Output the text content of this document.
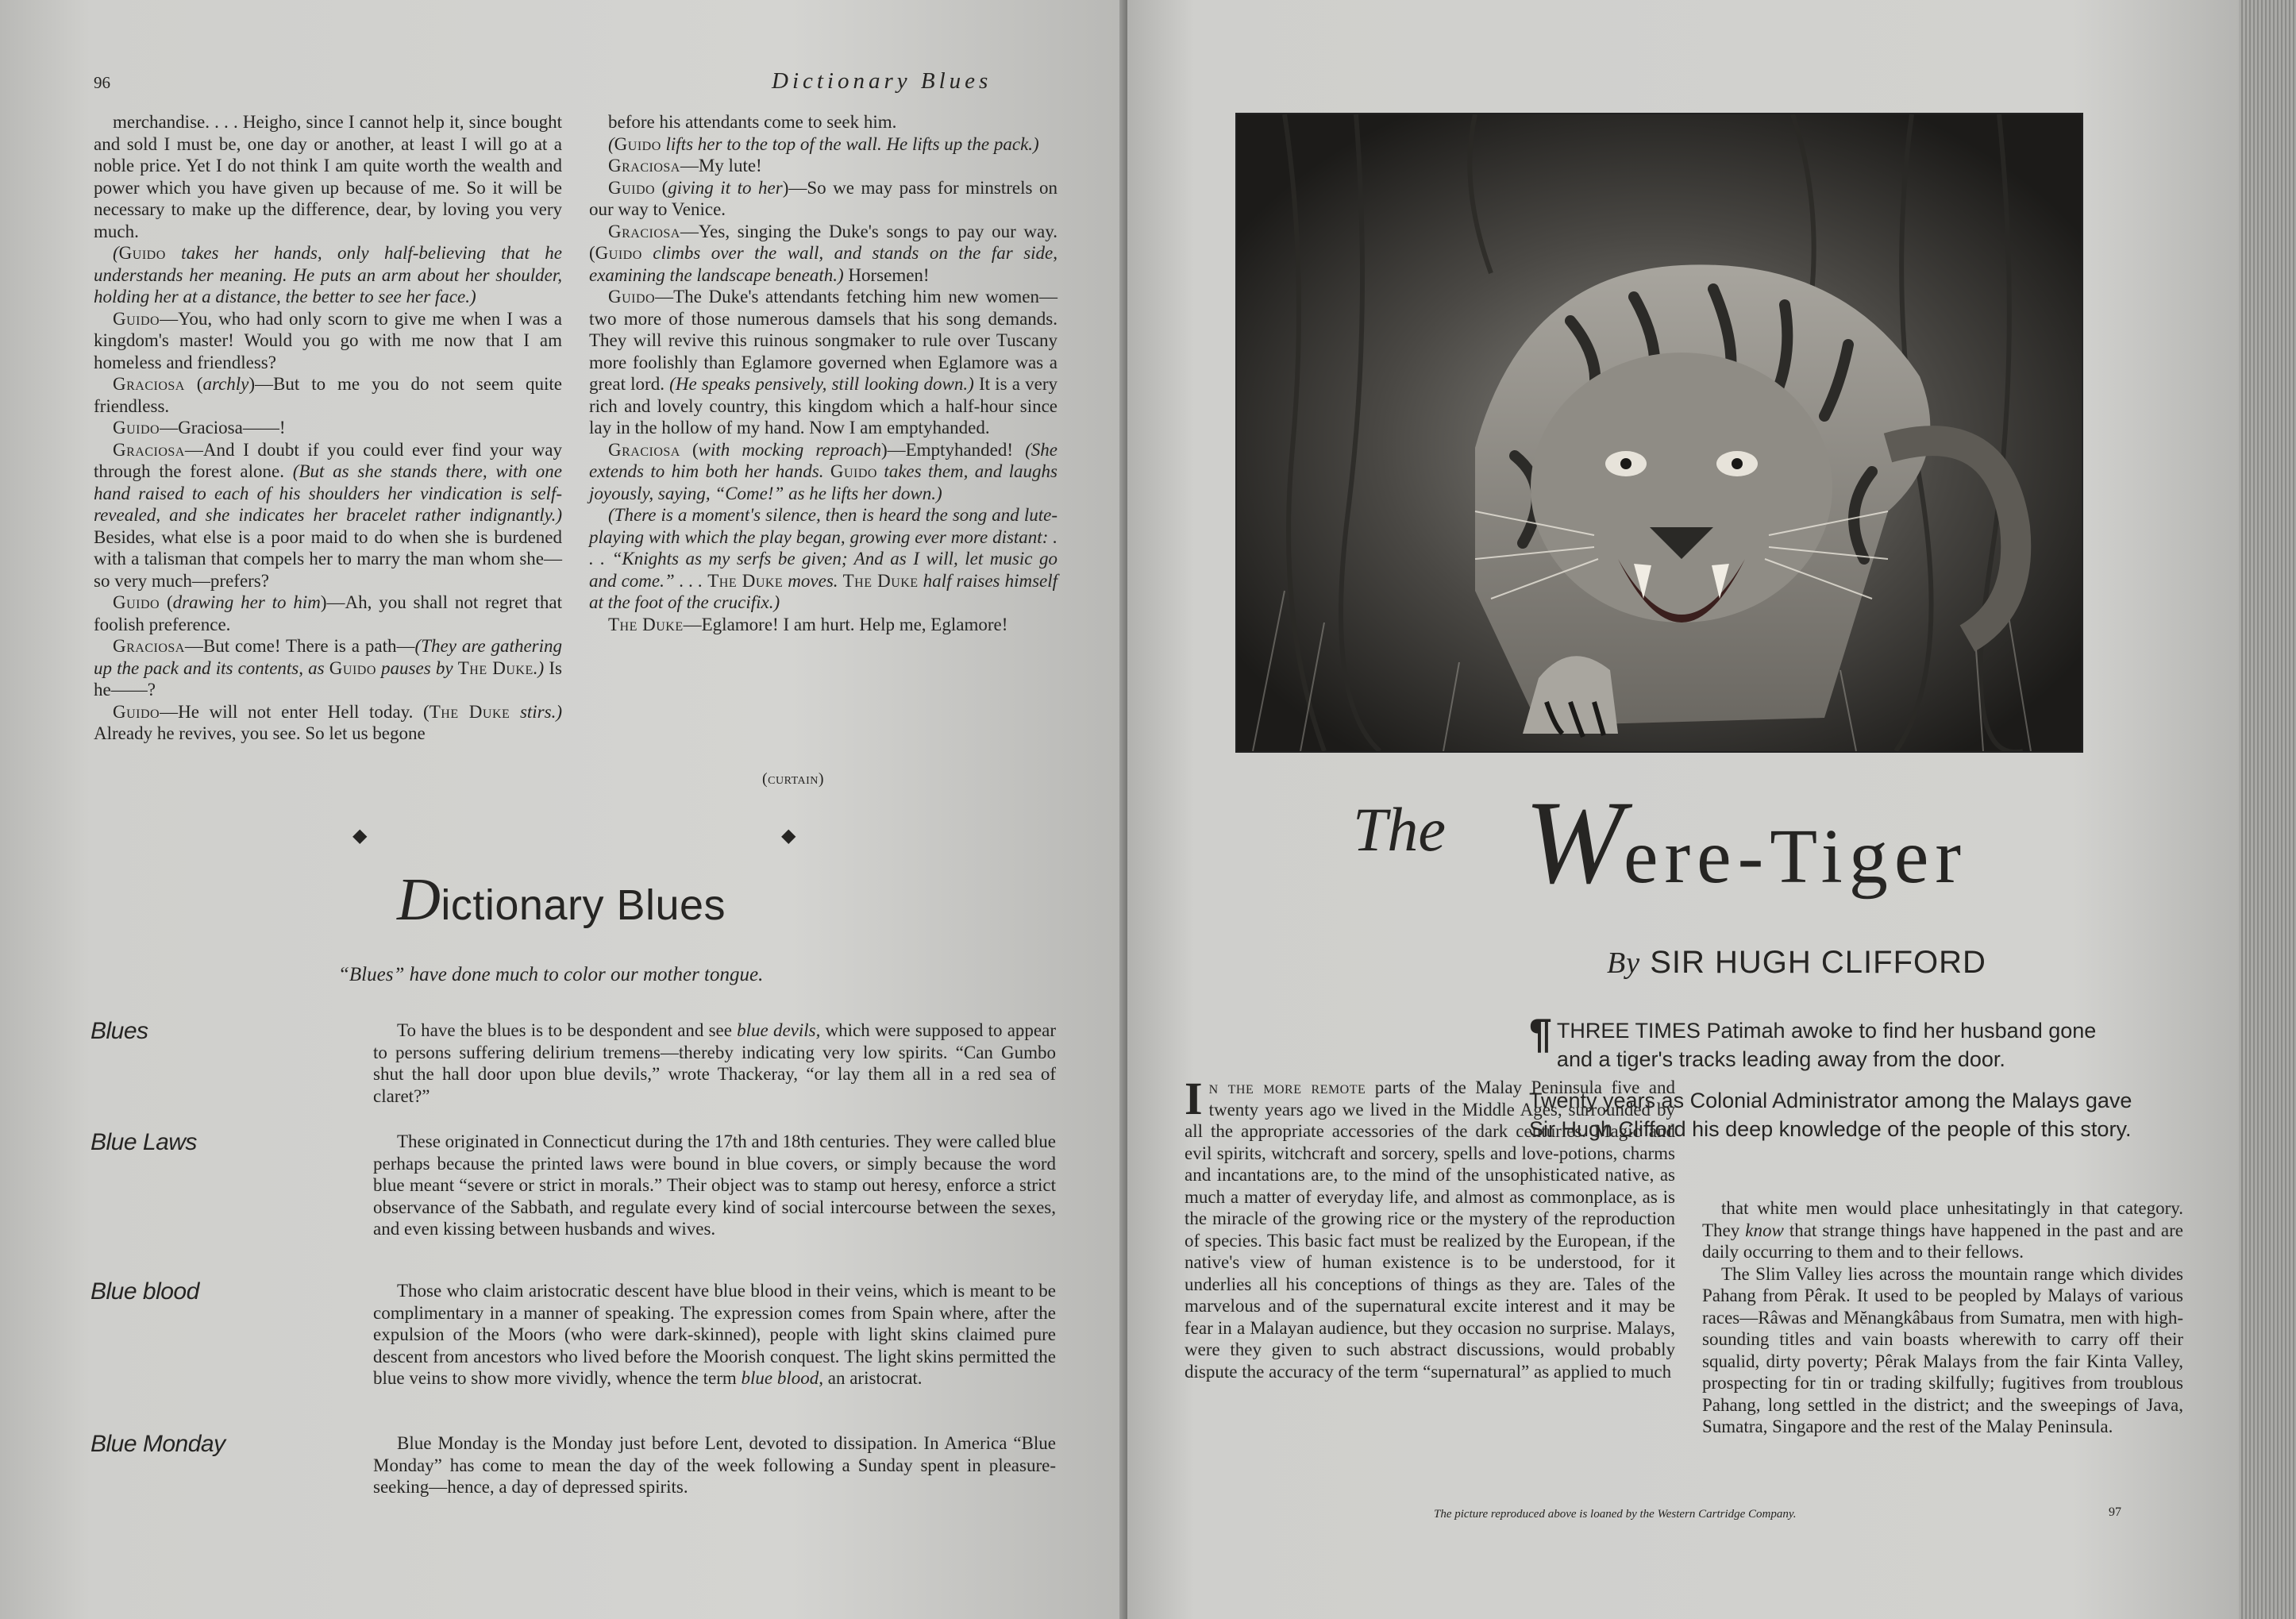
96	Dictionary Blues

merchandise. . . . Heigho, since I cannot help it, since bought and sold I must be, one day or another, at least I will go at a noble price. Yet I do not think I am quite worth the wealth and power which you have given up because of me. So it will be necessary to make up the difference, dear, by loving you very much.

(Guido takes her hands, only half-believing that he understands her meaning. He puts an arm about her shoulder, holding her at a distance, the better to see her face.)

Guido—You, who had only scorn to give me when I was a kingdom's master! Would you go with me now that I am homeless and friendless?

Graciosa (archly)—But to me you do not seem quite friendless.

Guido—Graciosa——!

Graciosa—And I doubt if you could ever find your way through the forest alone. (But as she stands there, with one hand raised to each of his shoulders her vindication is self-revealed, and she indicates her bracelet rather indignantly.) Besides, what else is a poor maid to do when she is burdened with a talisman that compels her to marry the man whom she—so very much—prefers?

Guido (drawing her to him)—Ah, you shall not regret that foolish preference.

Graciosa—But come! There is a path—(They are gathering up the pack and its contents, as Guido pauses by The Duke.) Is he——?

Guido—He will not enter Hell today. (The Duke stirs.) Already he revives, you see. So let us begone

before his attendants come to seek him.

(Guido lifts her to the top of the wall. He lifts up the pack.)

Graciosa—My lute!

Guido (giving it to her)—So we may pass for minstrels on our way to Venice.

Graciosa—Yes, singing the Duke's songs to pay our way. (Guido climbs over the wall, and stands on the far side, examining the landscape beneath.) Horsemen!

Guido—The Duke's attendants fetching him new women—two more of those numerous damsels that his song demands. They will revive this ruinous songmaker to rule over Tuscany more foolishly than Eglamore governed when Eglamore was a great lord. (He speaks pensively, still looking down.) It is a very rich and lovely country, this kingdom which a half-hour since lay in the hollow of my hand. Now I am emptyhanded.

Graciosa (with mocking reproach)—Emptyhanded! (She extends to him both her hands. Guido takes them, and laughs joyously, saying, “Come!” as he lifts her down.)

(There is a moment's silence, then is heard the song and lute-playing with which the play began, growing ever more distant: . . . “Knights as my serfs be given; And as I will, let music go and come.” . . . The Duke moves. The Duke half raises himself at the foot of the crucifix.)

The Duke—Eglamore! I am hurt. Help me, Eglamore!

(curtain)
◆	◆
Dictionary Blues
“Blues” have done much to color our mother tongue.
Blues	To have the blues is to be despondent and see blue devils, which were supposed to appear to persons suffering delirium tremens—thereby indicating very low spirits. “Can Gumbo shut the hall door upon blue devils,” wrote Thackeray, “or lay them all in a red sea of claret?”
Blue Laws	These originated in Connecticut during the 17th and 18th centuries. They were called blue perhaps because the printed laws were bound in blue covers, or simply because the word blue meant “severe or strict in morals.” Their object was to stamp out heresy, enforce a strict observance of the Sabbath, and regulate every kind of social intercourse between the sexes, and even kissing between husbands and wives.
Blue blood	Those who claim aristocratic descent have blue blood in their veins, which is meant to be complimentary in a manner of speaking. The expression comes from Spain where, after the expulsion of the Moors (who were dark-skinned), people with light skins claimed pure descent from ancestors who lived before the Moorish conquest. The light skins permitted the blue veins to show more vividly, whence the term blue blood, an aristocrat.
Blue Monday	Blue Monday is the Monday just before Lent, devoted to dissipation. In America “Blue Monday” has come to mean the day of the week following a Sunday spent in pleasure-seeking—hence, a day of depressed spirits.
The Were-Tiger
By SIR HUGH CLIFFORD
¶ THREE TIMES Patimah awoke to find her husband gone and a tiger's tracks leading away from the door.
Twenty years as Colonial Administrator among the Malays gave Sir Hugh Clifford his deep knowledge of the people of this story.

In the more remote parts of the Malay Peninsula five and twenty years ago we lived in the Middle Ages, surrounded by all the appropriate accessories of the dark centuries. Magic and evil spirits, witchcraft and sorcery, spells and love-potions, charms and incantations are, to the mind of the unsophisticated native, as much a matter of everyday life, and almost as commonplace, as is the miracle of the growing rice or the mystery of the reproduction of species. This basic fact must be realized by the European, if the native's view of human existence is to be understood, for it underlies all his conceptions of things as they are. Tales of the marvelous and of the supernatural excite interest and it may be fear in a Malayan audience, but they occasion no surprise. Malays, were they given to such abstract discussions, would probably dispute the accuracy of the term “supernatural” as applied to much

that white men would place unhesitatingly in that category. They know that strange things have happened in the past and are daily occurring to them and to their fellows.

The Slim Valley lies across the mountain range which divides Pahang from Pêrak. It used to be peopled by Malays of various races—Râwas and Mĕnangkâbaus from Sumatra, men with high-sounding titles and vain boasts wherewith to carry off their squalid, dirty poverty; Pêrak Malays from the fair Kinta Valley, prospecting for tin or trading skilfully; fugitives from troublous Pahang, long settled in the district; and the sweepings of Java, Sumatra, Singapore and the rest of the Malay Peninsula.

The picture reproduced above is loaned by the Western Cartridge Company.	97
